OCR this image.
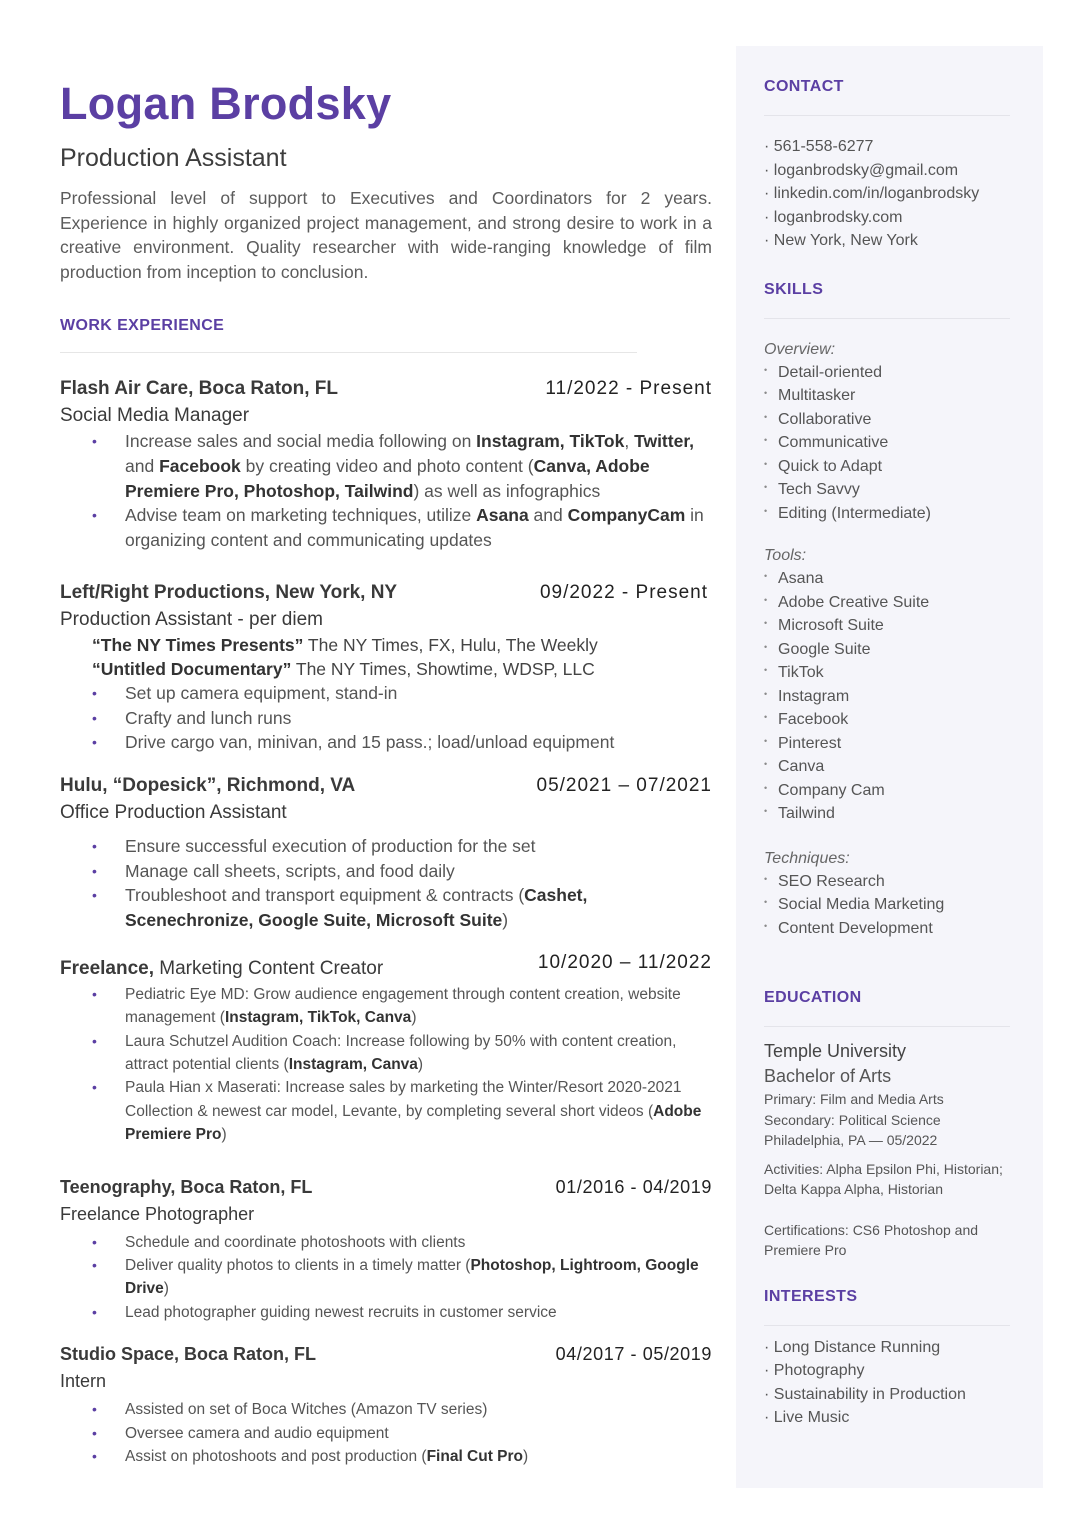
Logan Brodsky
Production Assistant
Professional level of support to Executives and Coordinators for 2 years. Experience in highly organized project management, and strong desire to work in a creative environment. Quality researcher with wide-ranging knowledge of film production from inception to conclusion.
WORK EXPERIENCE
Flash Air Care, Boca Raton, FL	11/2022 - Present
Social Media Manager
• Increase sales and social media following on Instagram, TikTok, Twitter, and Facebook by creating video and photo content (Canva, Adobe Premiere Pro, Photoshop, Tailwind) as well as infographics
• Advise team on marketing techniques, utilize Asana and CompanyCam in organizing content and communicating updates
Left/Right Productions, New York, NY	09/2022 - Present
Production Assistant - per diem
“The NY Times Presents” The NY Times, FX, Hulu, The Weekly
“Untitled Documentary” The NY Times, Showtime, WDSP, LLC
• Set up camera equipment, stand-in
• Crafty and lunch runs
• Drive cargo van, minivan, and 15 pass.; load/unload equipment
Hulu, “Dopesick”, Richmond, VA	05/2021 – 07/2021
Office Production Assistant
• Ensure successful execution of production for the set
• Manage call sheets, scripts, and food daily
• Troubleshoot and transport equipment & contracts (Cashet, Scenechronize, Google Suite, Microsoft Suite)
Freelance, Marketing Content Creator	10/2020 – 11/2022
• Pediatric Eye MD: Grow audience engagement through content creation, website management (Instagram, TikTok, Canva)
• Laura Schutzel Audition Coach: Increase following by 50% with content creation, attract potential clients (Instagram, Canva)
• Paula Hian x Maserati: Increase sales by marketing the Winter/Resort 2020-2021 Collection & newest car model, Levante, by completing several short videos (Adobe Premiere Pro)
Teenography, Boca Raton, FL	01/2016 - 04/2019
Freelance Photographer
• Schedule and coordinate photoshoots with clients
• Deliver quality photos to clients in a timely matter (Photoshop, Lightroom, Google Drive)
• Lead photographer guiding newest recruits in customer service
Studio Space, Boca Raton, FL	04/2017 - 05/2019
Intern
• Assisted on set of Boca Witches (Amazon TV series)
• Oversee camera and audio equipment
• Assist on photoshoots and post production (Final Cut Pro)
CONTACT
· 561-558-6277
· loganbrodsky@gmail.com
· linkedin.com/in/loganbrodsky
· loganbrodsky.com
· New York, New York
SKILLS
Overview:
• Detail-oriented
• Multitasker
• Collaborative
• Communicative
• Quick to Adapt
• Tech Savvy
• Editing (Intermediate)
Tools:
• Asana
• Adobe Creative Suite
• Microsoft Suite
• Google Suite
• TikTok
• Instagram
• Facebook
• Pinterest
• Canva
• Company Cam
• Tailwind
Techniques:
• SEO Research
• Social Media Marketing
• Content Development
EDUCATION
Temple University
Bachelor of Arts
Primary: Film and Media Arts
Secondary: Political Science
Philadelphia, PA — 05/2022
Activities: Alpha Epsilon Phi, Historian; Delta Kappa Alpha, Historian
Certifications: CS6 Photoshop and Premiere Pro
INTERESTS
· Long Distance Running
· Photography
· Sustainability in Production
· Live Music
